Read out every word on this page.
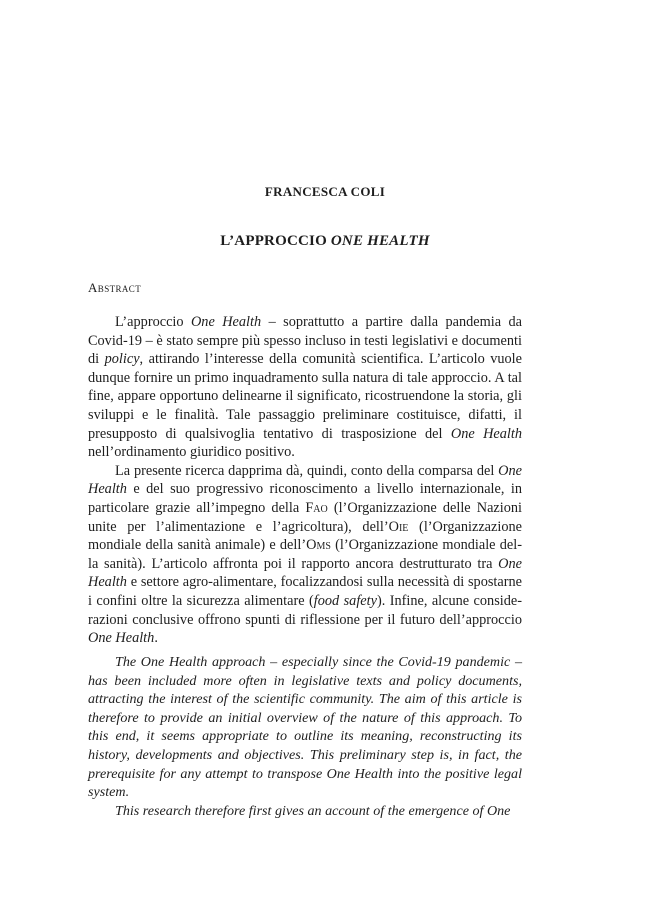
FRANCESCA COLI
L’APPROCCIO ONE HEALTH
Abstract

L’approccio One Health – soprattutto a partire dalla pandemia da Covid-19 – è stato sempre più spesso incluso in testi legislativi e documenti di policy, attirando l’interesse della comunità scientifica. L’articolo vuole dunque fornire un primo inquadramento sulla natura di tale approccio. A tal fine, appare opportuno delinearne il significato, ricostruendone la storia, gli sviluppi e le finalità. Tale passaggio preliminare costituisce, difatti, il presupposto di qualsivoglia tentativo di trasposizione del One Health nell’ordinamento giuridico positivo.

La presente ricerca dapprima dà, quindi, conto della comparsa del One Health e del suo progressivo riconoscimento a livello internazionale, in particolare grazie all’impegno della Fao (l’Organizzazione delle Nazioni unite per l’alimentazione e l’agricoltura), dell’Oie (l’Organizzazione mondiale della sanità animale) e dell’Oms (l’Organizzazione mondiale della sanità). L’articolo affronta poi il rapporto ancora destrutturato tra One Health e settore agro-alimentare, focalizzandosi sulla necessità di spostarne i confini oltre la sicurezza alimentare (food safety). Infine, alcune considerazioni conclusive offrono spunti di riflessione per il futuro dell’approccio One Health.

The One Health approach – especially since the Covid-19 pandemic – has been included more often in legislative texts and policy documents, attracting the interest of the scientific community. The aim of this article is therefore to provide an initial overview of the nature of this approach. To this end, it seems appropriate to outline its meaning, reconstructing its history, developments and objectives. This preliminary step is, in fact, the prerequisite for any attempt to transpose One Health into the positive legal system.

This research therefore first gives an account of the emergence of One
